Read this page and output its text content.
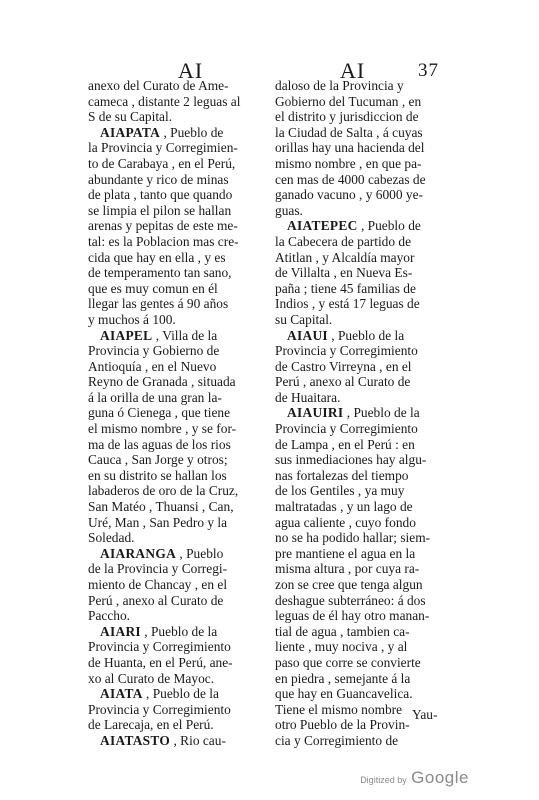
AI	AI	37
anexo del Curato de Ame-
cameca , distante 2 leguas al
S de su Capital.
AIAPATA , Pueblo de
la Provincia y Corregimien-
to de Carabaya , en el Perú,
abundante y rico de minas
de plata , tanto que quando
se limpia el pilon se hallan
arenas y pepitas de este me-
tal: es la Poblacion mas cre-
cida que hay en ella , y es
de temperamento tan sano,
que es muy comun en él
llegar las gentes á 90 años
y muchos á 100.
AIAPEL , Villa de la
Provincia y Gobierno de
Antioquía , en el Nuevo
Reyno de Granada , situada
á la orilla de una gran la-
guna ó Cienega , que tiene
el mismo nombre , y se for-
ma de las aguas de los rios
Cauca , San Jorge y otros;
en su distrito se hallan los
labaderos de oro de la Cruz,
San Matéo , Thuansi , Can,
Uré, Man , San Pedro y la
Soledad.
AIARANGA , Pueblo
de la Provincia y Corregi-
miento de Chancay , en el
Perú , anexo al Curato de
Paccho.
AIARI , Pueblo de la
Provincia y Corregimiento
de Huanta, en el Perú, ane-
xo al Curato de Mayoc.
AIATA , Pueblo de la
Provincia y Corregimiento
de Larecaja, en el Perú.
AIATASTO , Rio cau-
daloso de la Provincia y
Gobierno del Tucuman , en
el distrito y jurisdiccion de
la Ciudad de Salta , á cuyas
orillas hay una hacienda del
mismo nombre , en que pa-
cen mas de 4000 cabezas de
ganado vacuno , y 6000 ye-
guas.
AIATEPEC , Pueblo de
la Cabecera de partido de
Atitlan , y Alcaldía mayor
de Villalta , en Nueva Es-
paña ; tiene 45 familias de
Indios , y está 17 leguas de
su Capital.
AIAUI , Pueblo de la
Provincia y Corregimiento
de Castro Virreyna , en el
Perú , anexo al Curato de
de Huaitara.
AIAUIRI , Pueblo de la
Provincia y Corregimiento
de Lampa , en el Perú : en
sus inmediaciones hay algu-
nas fortalezas del tiempo
de los Gentiles , ya muy
maltratadas , y un lago de
agua caliente , cuyo fondo
no se ha podido hallar; siem-
pre mantiene el agua en la
misma altura , por cuya ra-
zon se cree que tenga algun
deshague subterráneo: á dos
leguas de él hay otro manan-
tial de agua , tambien ca-
liente , muy nociva , y al
paso que corre se convierte
en piedra , semejante á la
que hay en Guancavelica.
Tiene el mismo nombre
otro Pueblo de la Provin-
cia y Corregimiento de
Yau-
Digitized by Google
